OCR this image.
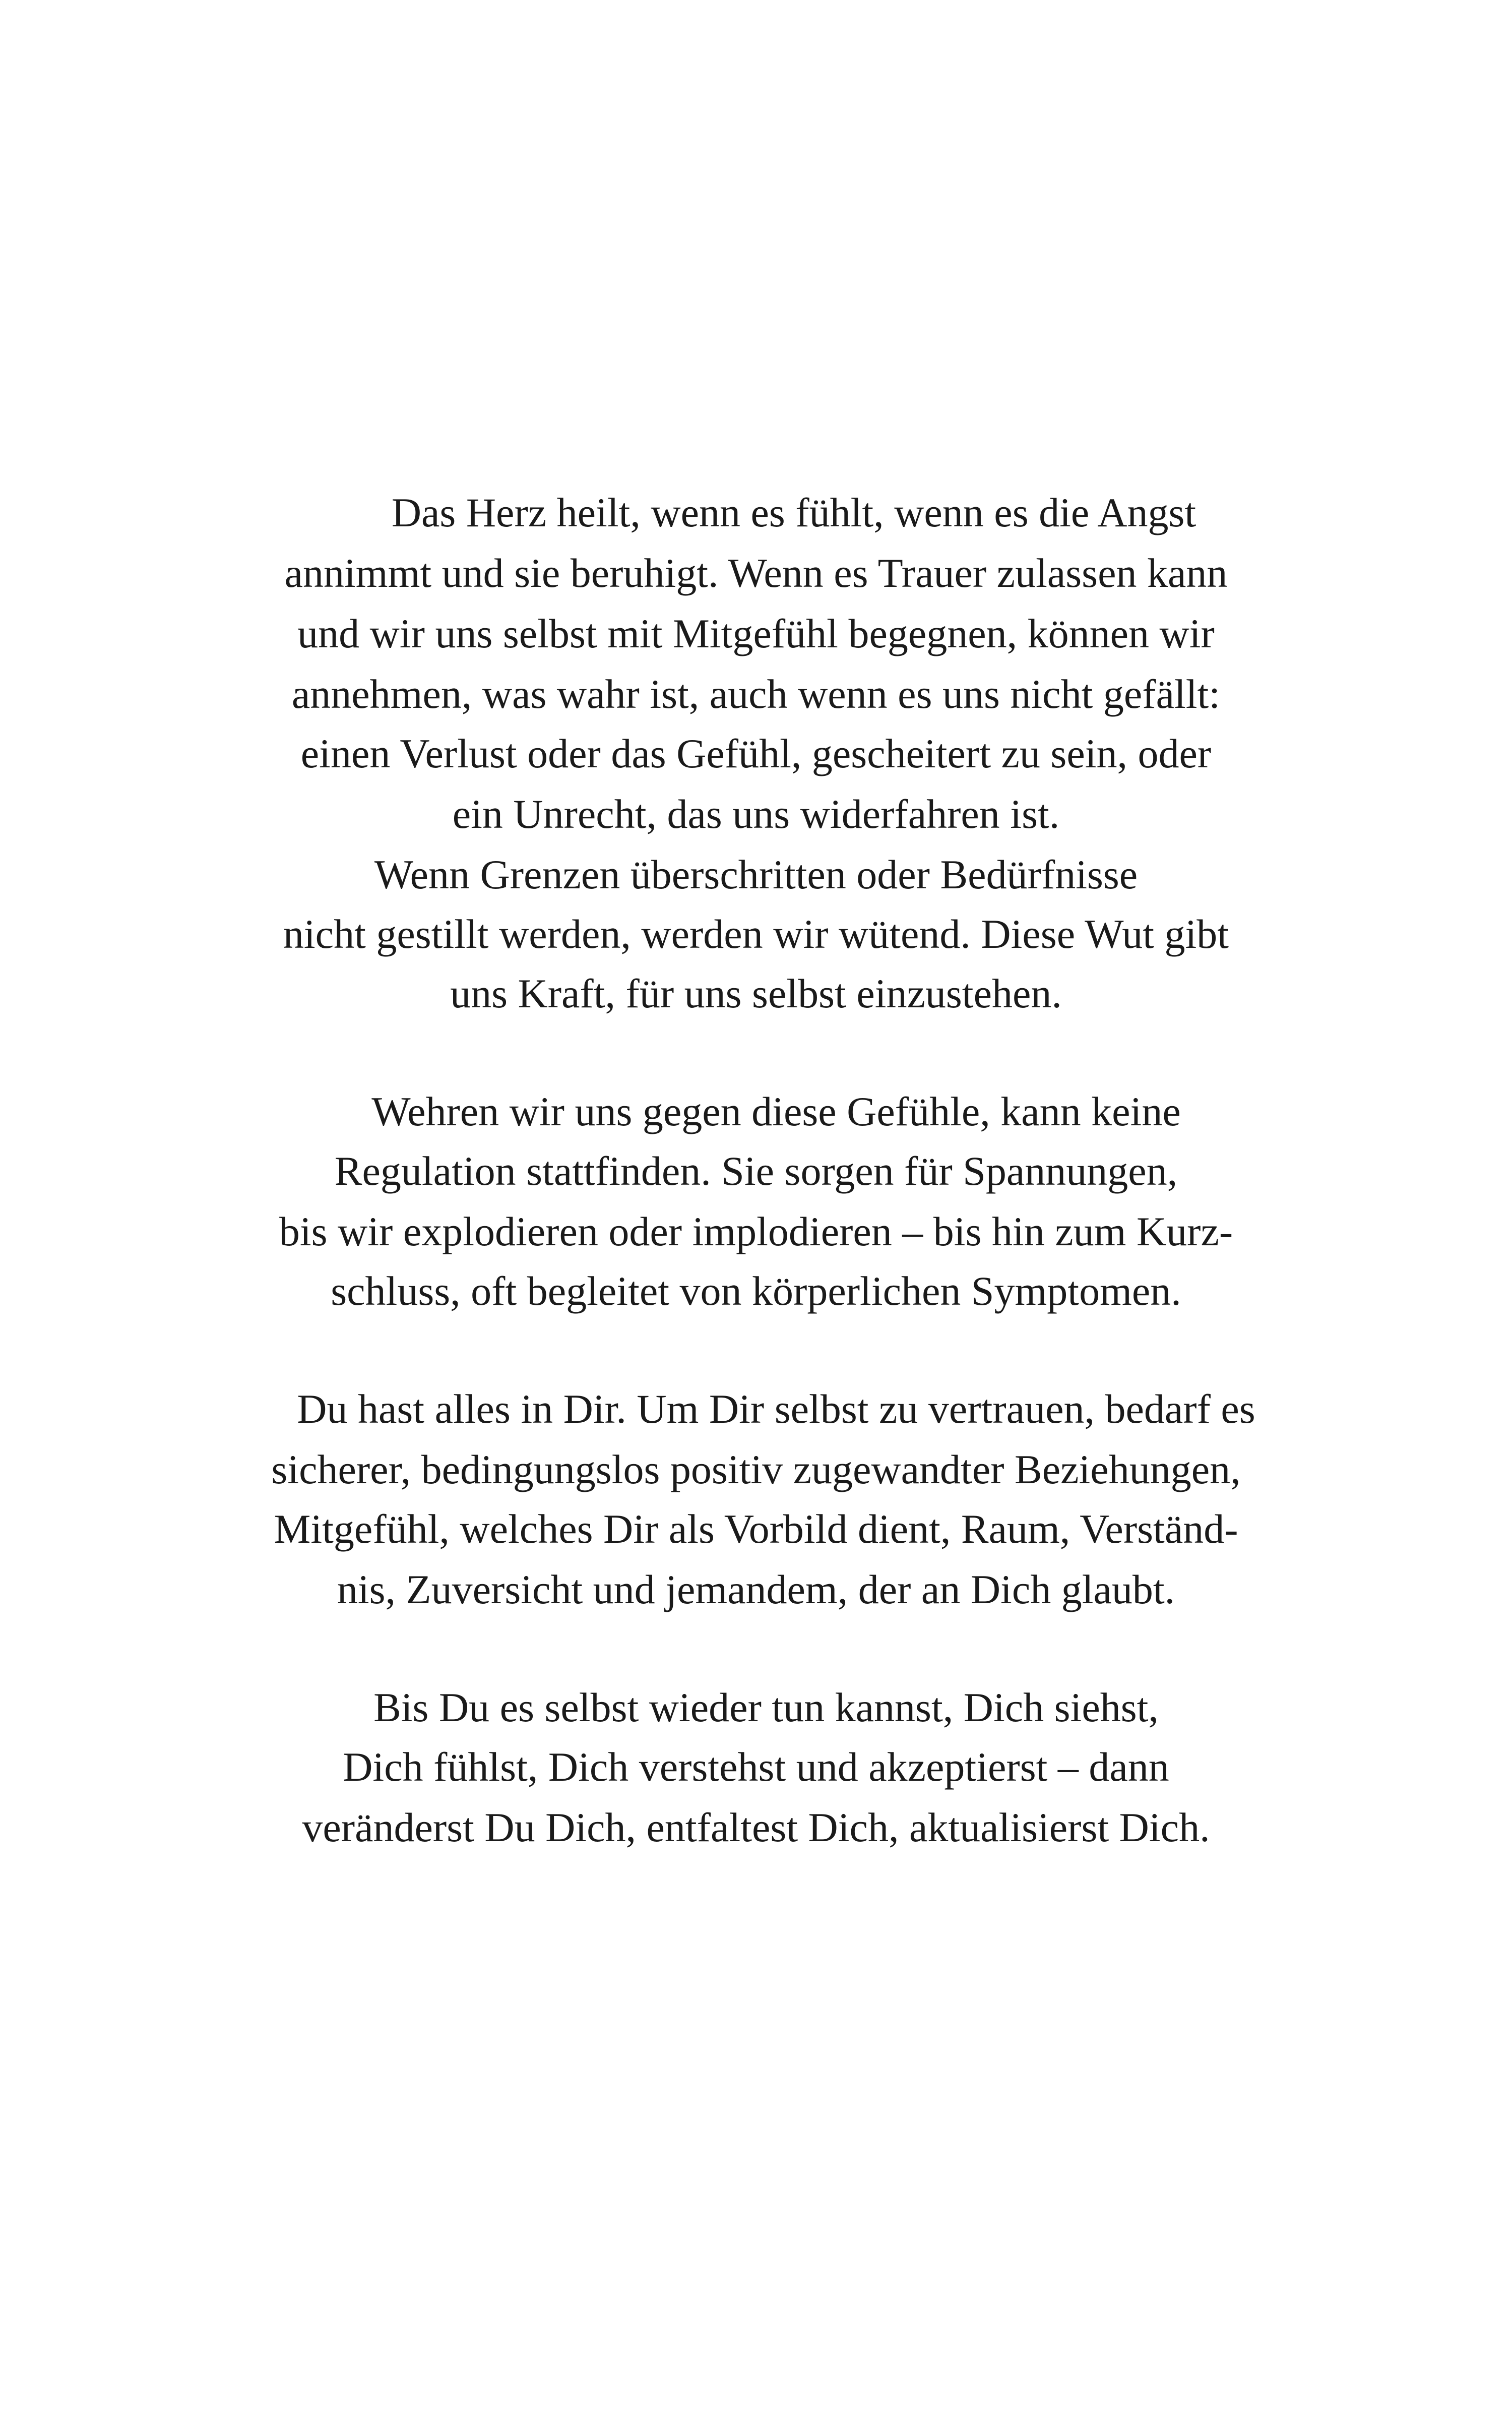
Das Herz heilt, wenn es fühlt, wenn es die Angst
annimmt und sie beruhigt. Wenn es Trauer zulassen kann
und wir uns selbst mit Mitgefühl begegnen, können wir
annehmen, was wahr ist, auch wenn es uns nicht gefällt:
einen Verlust oder das Gefühl, gescheitert zu sein, oder
ein Unrecht, das uns widerfahren ist.
Wenn Grenzen überschritten oder Bedürfnisse
nicht gestillt werden, werden wir wütend. Diese Wut gibt
uns Kraft, für uns selbst einzustehen.
Wehren wir uns gegen diese Gefühle, kann keine
Regulation stattfinden. Sie sorgen für Spannungen,
bis wir explodieren oder implodieren – bis hin zum Kurz-
schluss, oft begleitet von körperlichen Symptomen.
Du hast alles in Dir. Um Dir selbst zu vertrauen, bedarf es
sicherer, bedingungslos positiv zugewandter Beziehungen,
Mitgefühl, welches Dir als Vorbild dient, Raum, Verständ-
nis, Zuversicht und jemandem, der an Dich glaubt.
Bis Du es selbst wieder tun kannst, Dich siehst,
Dich fühlst, Dich verstehst und akzeptierst – dann
veränderst Du Dich, entfaltest Dich, aktualisierst Dich.
